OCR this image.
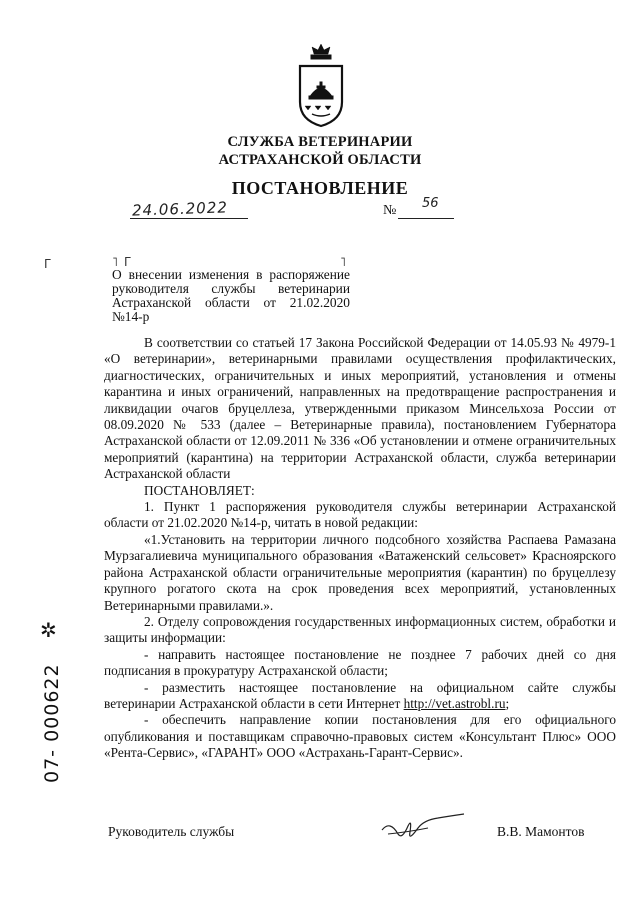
СЛУЖБА ВЕТЕРИНАРИИ
АСТРАХАНСКОЙ ОБЛАСТИ
ПОСТАНОВЛЕНИЕ
24.06.2022	№ 56
Г	˥ Г	˥
О внесении изменения в распоряжение руководителя службы ветеринарии Астраханской области от 21.02.2020 №14-р

В соответствии со статьей 17 Закона Российской Федерации от 14.05.93 № 4979-1 «О ветеринарии», ветеринарными правилами осуществления профилактических, диагностических, ограничительных и иных мероприятий, установления и отмены карантина и иных ограничений, направленных на предотвращение распространения и ликвидации очагов бруцеллеза, утвержденными приказом Минсельхоза России от 08.09.2020 № 533 (далее – Ветеринарные правила), постановлением Губернатора Астраханской области от 12.09.2011 № 336 «Об установлении и отмене ограничительных мероприятий (карантина) на территории Астраханской области, служба ветеринарии Астраханской области

ПОСТАНОВЛЯЕТ:

1. Пункт 1 распоряжения руководителя службы ветеринарии Астраханской области от 21.02.2020 №14-р, читать в новой редакции:

«1.Установить на территории личного подсобного хозяйства Распаева Рамазана Мурзагалиевича муниципального образования «Ватаженский сельсовет» Красноярского района Астраханской области ограничительные мероприятия (карантин) по бруцеллезу крупного рогатого скота на срок проведения всех мероприятий, установленных Ветеринарными правилами.».

2. Отделу сопровождения государственных информационных систем, обработки и защиты информации:

- направить настоящее постановление не позднее 7 рабочих дней со дня подписания в прокуратуру Астраханской области;

- разместить настоящее постановление на официальном сайте службы ветеринарии Астраханской области в сети Интернет http://vet.astrobl.ru;

- обеспечить направление копии постановления для его официального опубликования и поставщикам справочно-правовых систем «Консультант Плюс» ООО «Рента-Сервис», «ГАРАНТ» ООО «Астрахань-Гарант-Сервис».

✲
07- 000622
Руководитель службы	В.В. Мамонтов
